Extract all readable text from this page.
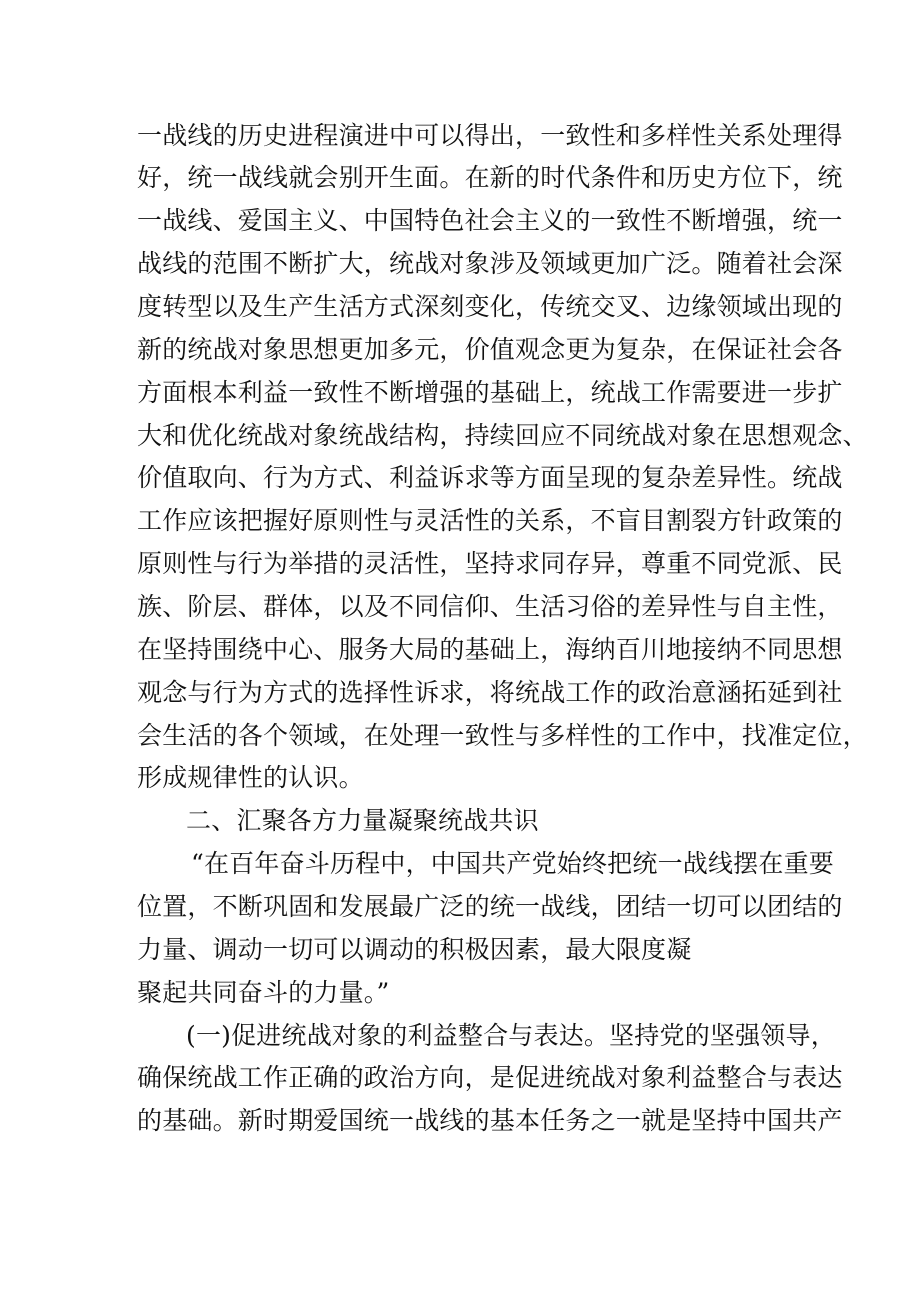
一战线的历史进程演进中可以得出，一致性和多样性关系处理得
好，统一战线就会别开生面。在新的时代条件和历史方位下，统
一战线、爱国主义、中国特色社会主义的一致性不断增强，统一
战线的范围不断扩大，统战对象涉及领域更加广泛。随着社会深
度转型以及生产生活方式深刻变化，传统交叉、边缘领域出现的
新的统战对象思想更加多元，价值观念更为复杂，在保证社会各
方面根本利益一致性不断增强的基础上，统战工作需要进一步扩
大和优化统战对象统战结构，持续回应不同统战对象在思想观念、
价值取向、行为方式、利益诉求等方面呈现的复杂差异性。统战
工作应该把握好原则性与灵活性的关系，不盲目割裂方针政策的
原则性与行为举措的灵活性，坚持求同存异，尊重不同党派、民
族、阶层、群体，以及不同信仰、生活习俗的差异性与自主性，
在坚持围绕中心、服务大局的基础上，海纳百川地接纳不同思想
观念与行为方式的选择性诉求，将统战工作的政治意涵拓延到社
会生活的各个领域，在处理一致性与多样性的工作中，找准定位，
形成规律性的认识。
二、汇聚各方力量凝聚统战共识
“在百年奋斗历程中，中国共产党始终把统一战线摆在重要
位置，不断巩固和发展最广泛的统一战线，团结一切可以团结的
力量、调动一切可以调动的积极因素，最大限度凝
聚起共同奋斗的力量。”
(一)促进统战对象的利益整合与表达。坚持党的坚强领导，
确保统战工作正确的政治方向，是促进统战对象利益整合与表达
的基础。新时期爱国统一战线的基本任务之一就是坚持中国共产
